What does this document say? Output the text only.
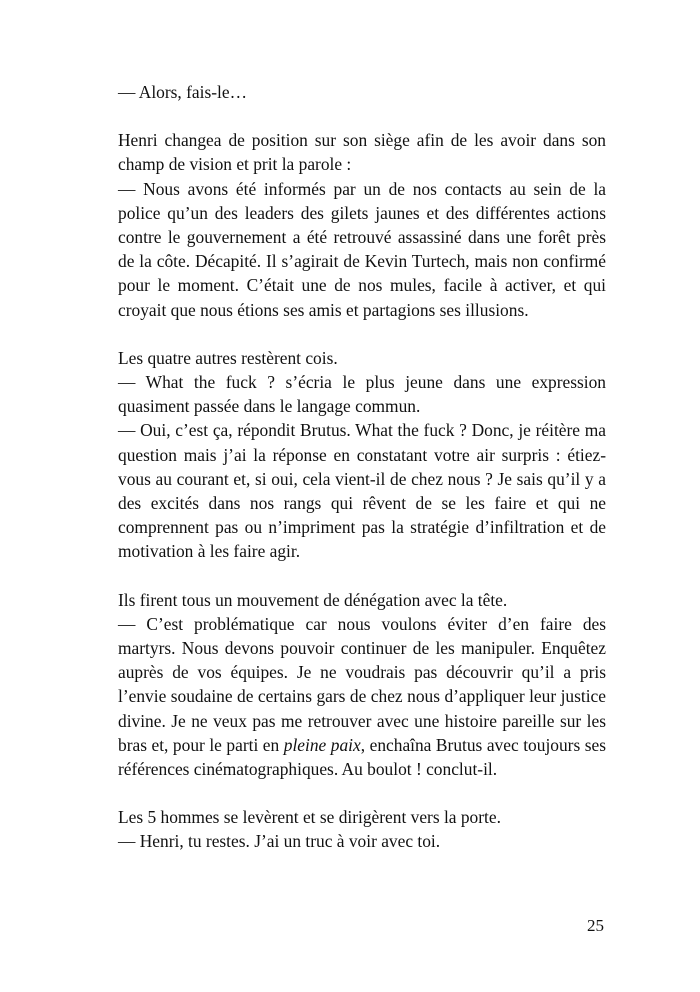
— Alors, fais-le…

Henri changea de position sur son siège afin de les avoir dans son champ de vision et prit la parole :

— Nous avons été informés par un de nos contacts au sein de la police qu’un des leaders des gilets jaunes et des différentes actions contre le gouvernement a été retrouvé assassiné dans une forêt près de la côte. Décapité. Il s’agirait de Kevin Turtech, mais non confirmé pour le moment. C’était une de nos mules, facile à activer, et qui croyait que nous étions ses amis et partagions ses illusions.

Les quatre autres restèrent cois.

— What the fuck ? s’écria le plus jeune dans une expression quasiment passée dans le langage commun.

— Oui, c’est ça, répondit Brutus. What the fuck ? Donc, je réitère ma question mais j’ai la réponse en constatant votre air surpris : étiez-vous au courant et, si oui, cela vient-il de chez nous ? Je sais qu’il y a des excités dans nos rangs qui rêvent de se les faire et qui ne comprennent pas ou n’impriment pas la stratégie d’infiltration et de motivation à les faire agir.

Ils firent tous un mouvement de dénégation avec la tête.

— C’est problématique car nous voulons éviter d’en faire des martyrs. Nous devons pouvoir continuer de les manipuler. Enquêtez auprès de vos équipes. Je ne voudrais pas découvrir qu’il a pris l’envie soudaine de certains gars de chez nous d’appliquer leur justice divine. Je ne veux pas me retrouver avec une histoire pareille sur les bras et, pour le parti en pleine paix, enchaîna Brutus avec toujours ses références cinématographiques. Au boulot ! conclut-il.

Les 5 hommes se levèrent et se dirigèrent vers la porte.

— Henri, tu restes. J’ai un truc à voir avec toi.

25
